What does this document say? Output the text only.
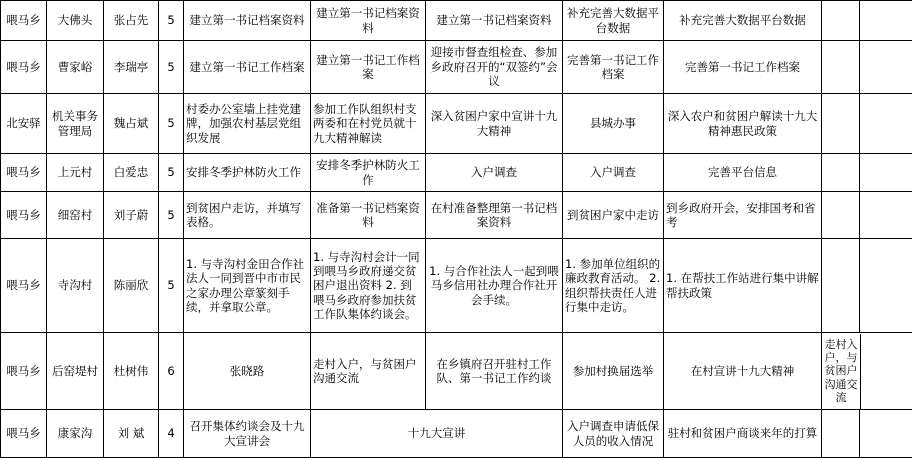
喂马乡	大佛头	张占先	5	建立第一书记档案资料	建立第一书记档案资料	建立第一书记档案资料	补充完善大数据平台数据	补充完善大数据平台数据		
喂马乡	曹家峪	李瑞亭	5	建立第一书记工作档案	建立第一书记工作档案	迎接市督查组检查、参加乡政府召开的“双签约”会议	完善第一书记工作档案	完善第一书记工作档案		
北安驿	机关事务管理局	魏占斌	5	村委办公室墙上挂党建牌，加强农村基层党组织发展	参加工作队组织村支两委和在村党员就十九大精神解读	深入贫困户家中宣讲十九大精神	县城办事	深入农户和贫困户解读十九大精神惠民政策		
喂马乡	上元村	白爱忠	5	安排冬季护林防火工作	安排冬季护林防火工作	入户调查	入户调查	完善平台信息		
喂马乡	细窑村	刘子蔚	5	到贫困户走访，并填写表格。	准备第一书记档案资料	在村准备整理第一书记档案资料	到贫困户家中走访	到乡政府开会，安排国考和省考		
喂马乡	寺沟村	陈丽欣	5	1. 与寺沟村金田合作社法人一同到晋中市市民之家办理公章篆刻手续，并拿取公章。	1. 与寺沟村会计一同到喂马乡政府递交贫困户退出资料 2. 到喂马乡政府参加扶贫工作队集体约谈会。	1. 与合作社法人一起到喂马乡信用社办理合作社开会手续。	1. 参加单位组织的廉政教育活动。 2. 组织帮扶责任人进行集中走访。	1. 在帮扶工作站进行集中讲解帮扶政策		
喂马乡	后窑堤村	杜树伟	6	张晓路	走村入户，与贫困户沟通交流	在乡镇府召开驻村工作队、第一书记工作约谈	参加村换届选举	在村宣讲十九大精神	走村入户，与贫困户沟通交流	

喂马乡	康家沟	刘 斌	4	召开集体约谈会及十九大宣讲会	十九大宣讲		入户调查申请低保人员的收入情况	驻村和贫困户商谈来年的打算		
